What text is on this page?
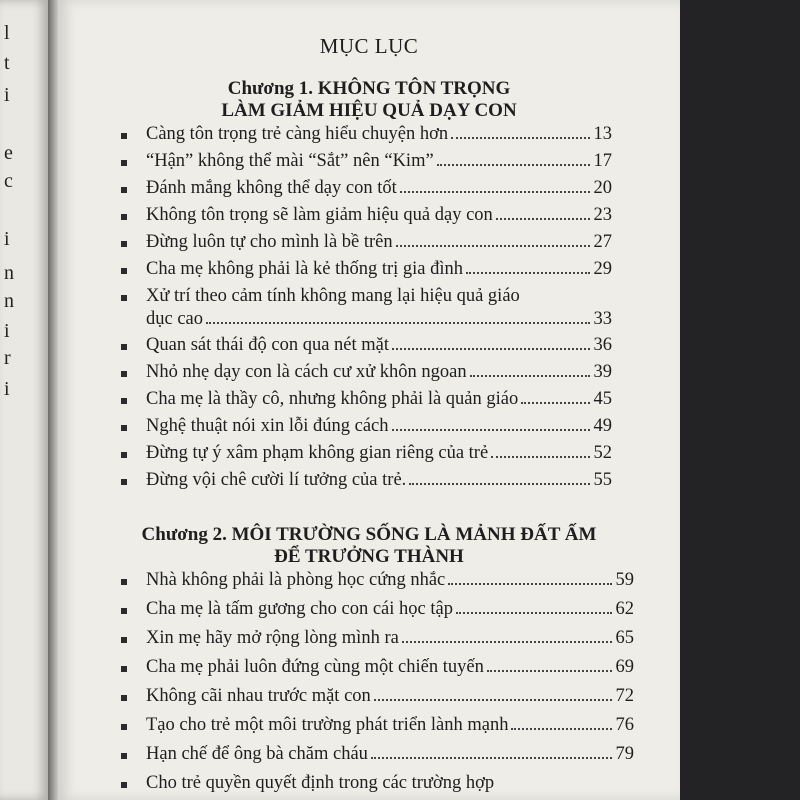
l
t
i
e
c
i
n
n
i
r
i
MỤC LỤC
Chương 1. KHÔNG TÔN TRỌNG
LÀM GIẢM HIỆU QUẢ DẠY CON
Càng tôn trọng trẻ càng hiểu chuyện hơn	13
“Hận” không thể mài “Sắt” nên “Kim”	17
Đánh mắng không thể dạy con tốt	20
Không tôn trọng sẽ làm giảm hiệu quả dạy con	23
Đừng luôn tự cho mình là bề trên	27
Cha mẹ không phải là kẻ thống trị gia đình	29
Xử trí theo cảm tính không mang lại hiệu quả giáo
dục cao	33
Quan sát thái độ con qua nét mặt	36
Nhỏ nhẹ dạy con là cách cư xử khôn ngoan	39
Cha mẹ là thầy cô, nhưng không phải là quản giáo	45
Nghệ thuật nói xin lỗi đúng cách	49
Đừng tự ý xâm phạm không gian riêng của trẻ	52
Đừng vội chê cười lí tưởng của trẻ.	55
Chương 2. MÔI TRƯỜNG SỐNG LÀ MẢNH ĐẤT ẤM
ĐỂ TRƯỞNG THÀNH
Nhà không phải là phòng học cứng nhắc	59
Cha mẹ là tấm gương cho con cái học tập	62
Xin mẹ hãy mở rộng lòng mình ra	65
Cha mẹ phải luôn đứng cùng một chiến tuyến	69
Không cãi nhau trước mặt con	72
Tạo cho trẻ một môi trường phát triển lành mạnh	76
Hạn chế để ông bà chăm cháu	79
Cho trẻ quyền quyết định trong các trường hợp
